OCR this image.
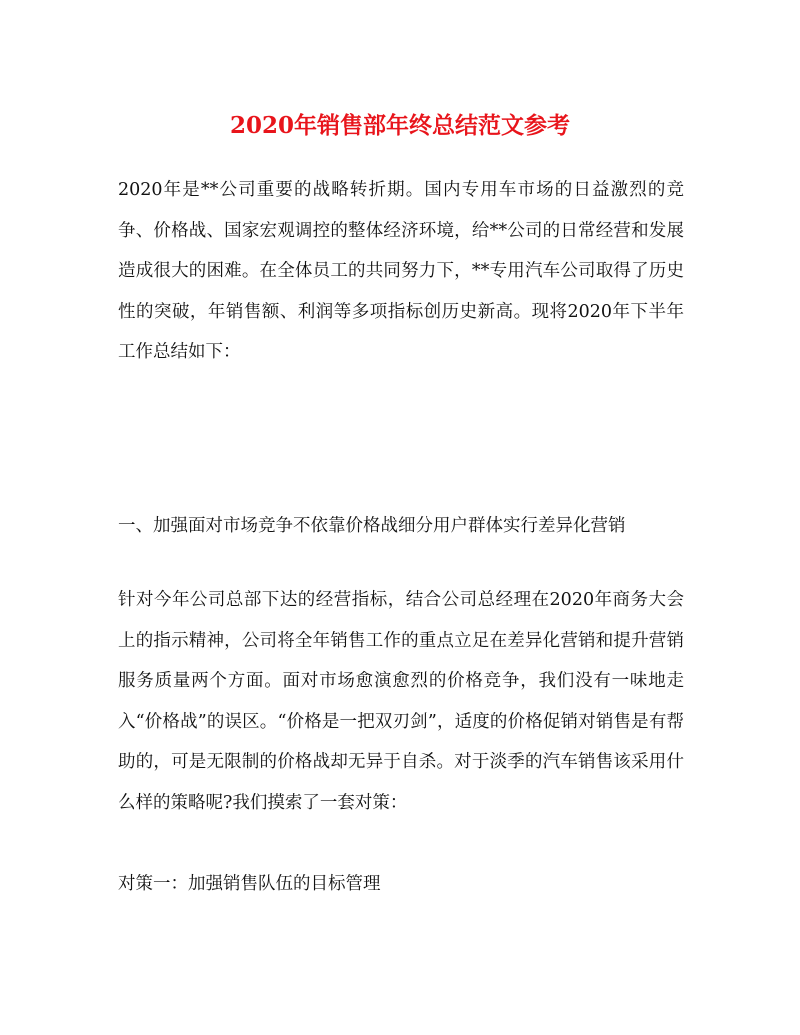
2020年销售部年终总结范文参考
2020年是**公司重要的战略转折期。国内专用车市场的日益激烈的竞争、价格战、国家宏观调控的整体经济环境，给**公司的日常经营和发展造成很大的困难。在全体员工的共同努力下，**专用汽车公司取得了历史性的突破，年销售额、利润等多项指标创历史新高。现将2020年下半年工作总结如下：
一、加强面对市场竞争不依靠价格战细分用户群体实行差异化营销
针对今年公司总部下达的经营指标，结合公司总经理在2020年商务大会上的指示精神，公司将全年销售工作的重点立足在差异化营销和提升营销服务质量两个方面。面对市场愈演愈烈的价格竞争，我们没有一味地走入“价格战”的误区。“价格是一把双刃剑”，适度的价格促销对销售是有帮助的，可是无限制的价格战却无异于自杀。对于淡季的汽车销售该采用什么样的策略呢?我们摸索了一套对策：
对策一：加强销售队伍的目标管理
